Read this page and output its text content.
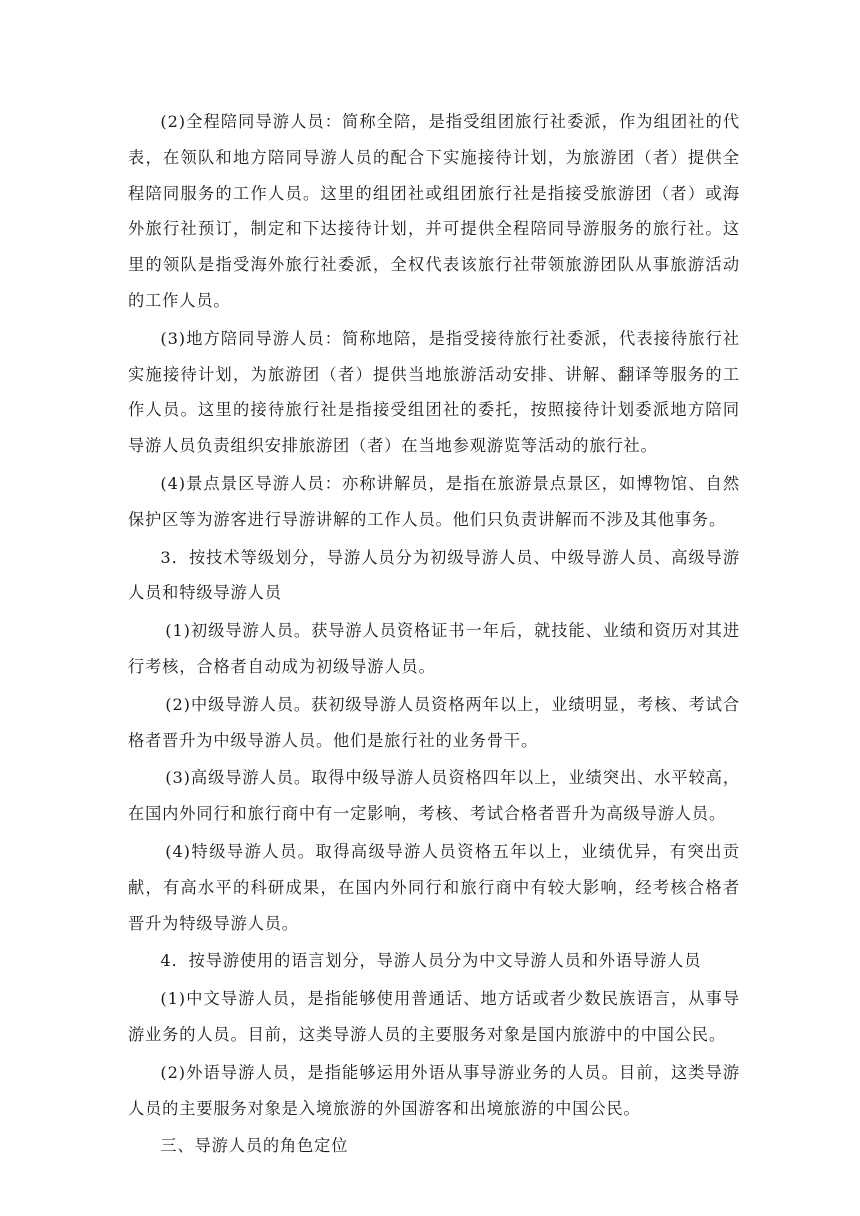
(2)全程陪同导游人员：简称全陪，是指受组团旅行社委派，作为组团社的代表，在领队和地方陪同导游人员的配合下实施接待计划，为旅游团（者）提供全程陪同服务的工作人员。这里的组团社或组团旅行社是指接受旅游团（者）或海外旅行社预订，制定和下达接待计划，并可提供全程陪同导游服务的旅行社。这里的领队是指受海外旅行社委派，全权代表该旅行社带领旅游团队从事旅游活动的工作人员。

(3)地方陪同导游人员：简称地陪，是指受接待旅行社委派，代表接待旅行社实施接待计划，为旅游团（者）提供当地旅游活动安排、讲解、翻译等服务的工作人员。这里的接待旅行社是指接受组团社的委托，按照接待计划委派地方陪同导游人员负责组织安排旅游团（者）在当地参观游览等活动的旅行社。

(4)景点景区导游人员：亦称讲解员，是指在旅游景点景区，如博物馆、自然保护区等为游客进行导游讲解的工作人员。他们只负责讲解而不涉及其他事务。

3．按技术等级划分，导游人员分为初级导游人员、中级导游人员、高级导游人员和特级导游人员

(1)初级导游人员。获导游人员资格证书一年后，就技能、业绩和资历对其进行考核，合格者自动成为初级导游人员。

(2)中级导游人员。获初级导游人员资格两年以上，业绩明显，考核、考试合格者晋升为中级导游人员。他们是旅行社的业务骨干。

(3)高级导游人员。取得中级导游人员资格四年以上，业绩突出、水平较高，在国内外同行和旅行商中有一定影响，考核、考试合格者晋升为高级导游人员。

(4)特级导游人员。取得高级导游人员资格五年以上，业绩优异，有突出贡献，有高水平的科研成果，在国内外同行和旅行商中有较大影响，经考核合格者晋升为特级导游人员。

4．按导游使用的语言划分，导游人员分为中文导游人员和外语导游人员

(1)中文导游人员，是指能够使用普通话、地方话或者少数民族语言，从事导游业务的人员。目前，这类导游人员的主要服务对象是国内旅游中的中国公民。

(2)外语导游人员，是指能够运用外语从事导游业务的人员。目前，这类导游人员的主要服务对象是入境旅游的外国游客和出境旅游的中国公民。

三、导游人员的角色定位
